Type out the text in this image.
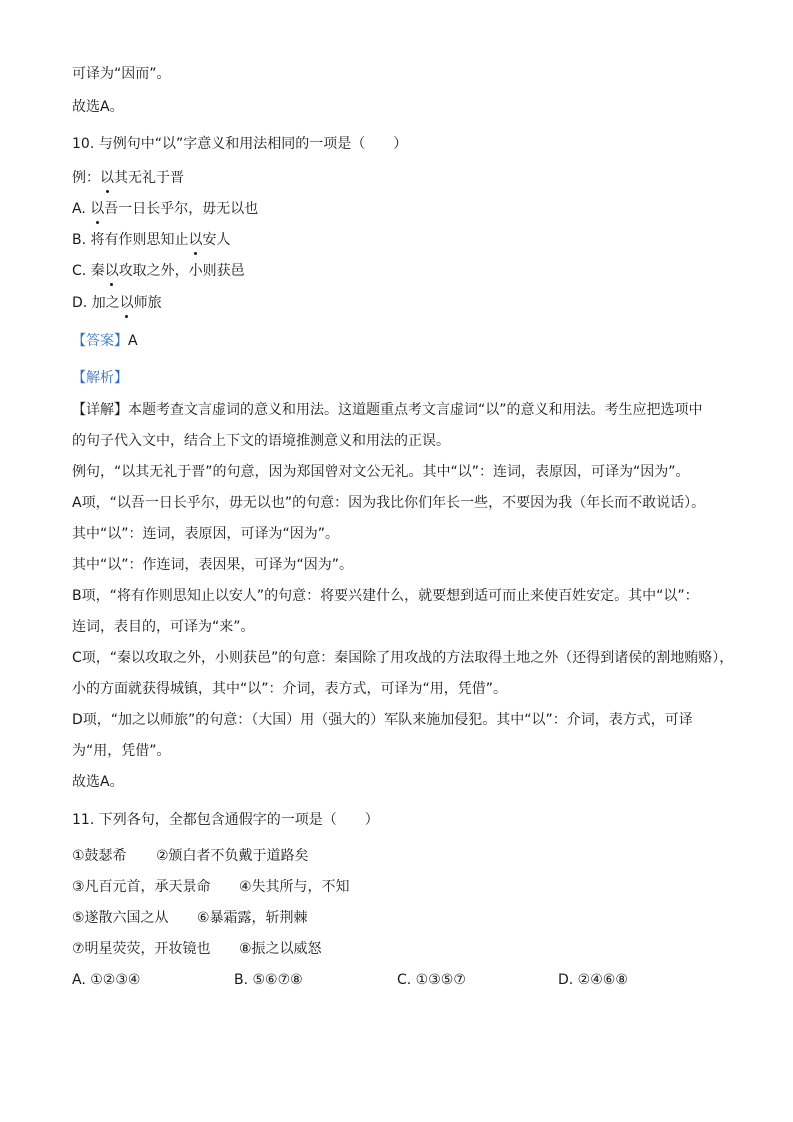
可译为“因而”。
故选A。
10. 与例句中“以”字意义和用法相同的一项是（　　）
例：以其无礼于晋
A. 以吾一日长乎尔，毋无以也
B. 将有作则思知止以安人
C. 秦以攻取之外，小则获邑
D. 加之以师旅
【答案】A
【解析】
【详解】本题考查文言虚词的意义和用法。这道题重点考文言虚词“以”的意义和用法。考生应把选项中
的句子代入文中，结合上下文的语境推测意义和用法的正误。
例句，“以其无礼于晋”的句意，因为郑国曾对文公无礼。其中“以”：连词，表原因，可译为“因为”。
A项，“以吾一日长乎尔，毋无以也”的句意：因为我比你们年长一些，不要因为我（年长而不敢说话）。
其中“以”：连词，表原因，可译为“因为”。
其中“以”：作连词，表因果，可译为“因为”。
B项，“将有作则思知止以安人”的句意：将要兴建什么，就要想到适可而止来使百姓安定。其中“以”：
连词，表目的，可译为“来”。
C项，“秦以攻取之外，小则获邑”的句意：秦国除了用攻战的方法取得土地之外（还得到诸侯的割地贿赂），
小的方面就获得城镇，其中“以”：介词，表方式，可译为“用，凭借”。
D项，“加之以师旅”的句意：（大国）用（强大的）军队来施加侵犯。其中“以”：介词，表方式，可译
为“用，凭借”。
故选A。
11. 下列各句，全都包含通假字的一项是（　　）
①鼓瑟希 ②颁白者不负戴于道路矣
③凡百元首，承天景命 ④失其所与，不知
⑤遂散六国之从 ⑥暴霜露，斩荆棘
⑦明星荧荧，开妆镜也 ⑧振之以威怒
A. ①②③④	B. ⑤⑥⑦⑧	C. ①③⑤⑦	D. ②④⑥⑧
